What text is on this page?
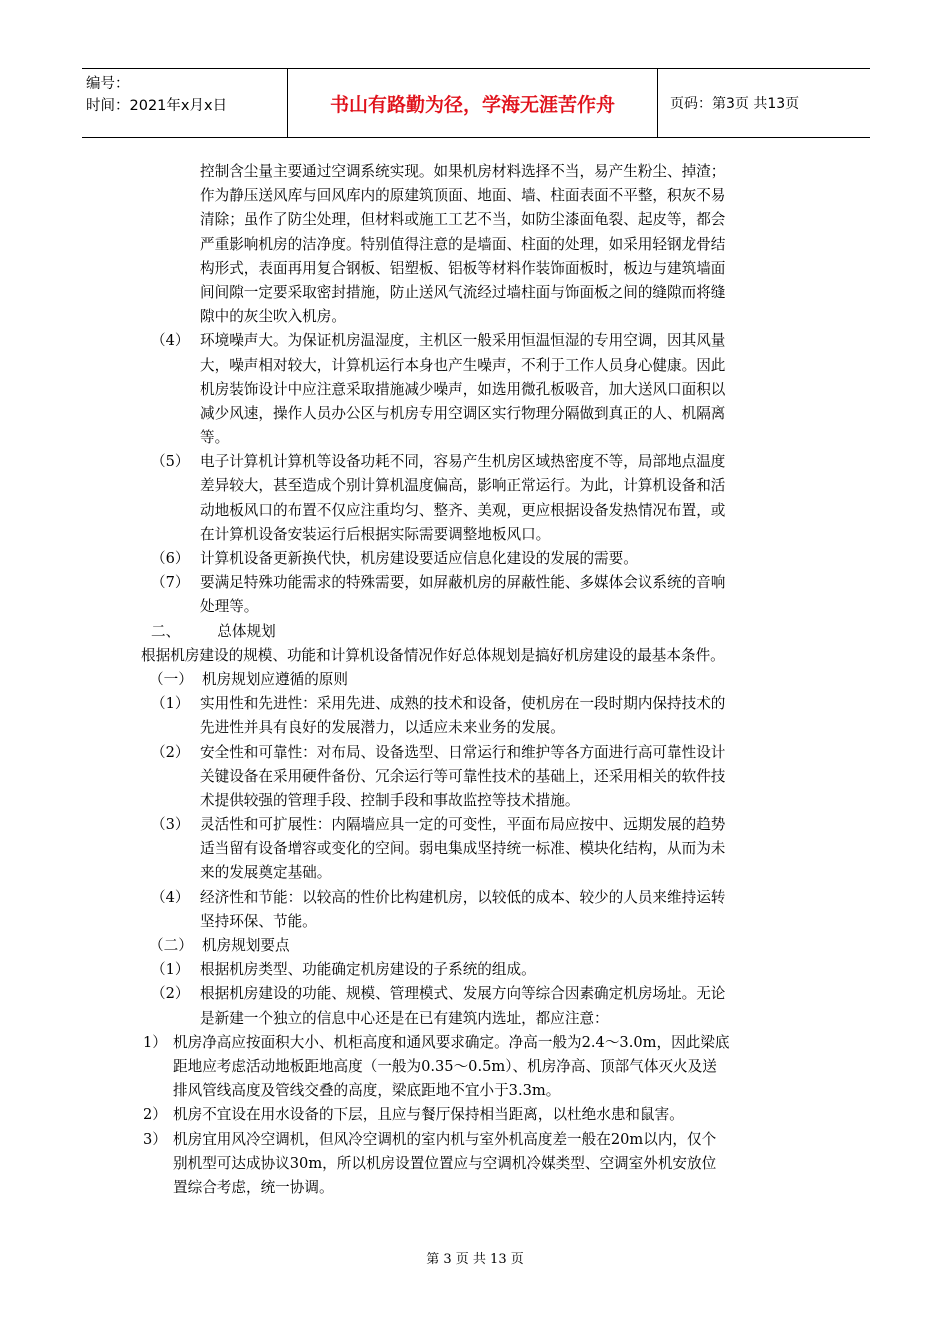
编号：
时间：2021年x月x日	书山有路勤为径，学海无涯苦作舟	页码：第3页 共13页
控制含尘量主要通过空调系统实现。如果机房材料选择不当，易产生粉尘、掉渣；
作为静压送风库与回风库内的原建筑顶面、地面、墙、柱面表面不平整，积灰不易
清除；虽作了防尘处理，但材料或施工工艺不当，如防尘漆面龟裂、起皮等，都会
严重影响机房的洁净度。特别值得注意的是墙面、柱面的处理，如采用轻钢龙骨结
构形式，表面再用复合钢板、铝塑板、铝板等材料作装饰面板时，板边与建筑墙面
间间隙一定要采取密封措施，防止送风气流经过墙柱面与饰面板之间的缝隙而将缝
隙中的灰尘吹入机房。
（4） 环境噪声大。为保证机房温湿度，主机区一般采用恒温恒湿的专用空调，因其风量
大，噪声相对较大，计算机运行本身也产生噪声，不利于工作人员身心健康。因此
机房装饰设计中应注意采取措施减少噪声，如选用微孔板吸音，加大送风口面积以
减少风速，操作人员办公区与机房专用空调区实行物理分隔做到真正的人、机隔离
等。
（5） 电子计算机计算机等设备功耗不同，容易产生机房区域热密度不等，局部地点温度
差异较大，甚至造成个别计算机温度偏高，影响正常运行。为此，计算机设备和活
动地板风口的布置不仅应注重均匀、整齐、美观，更应根据设备发热情况布置，或
在计算机设备安装运行后根据实际需要调整地板风口。
（6） 计算机设备更新换代快，机房建设要适应信息化建设的发展的需要。
（7） 要满足特殊功能需求的特殊需要，如屏蔽机房的屏蔽性能、多媒体会议系统的音响
处理等。
二、        总体规划
根据机房建设的规模、功能和计算机设备情况作好总体规划是搞好机房建设的最基本条件。
（一）  机房规划应遵循的原则
（1） 实用性和先进性：采用先进、成熟的技术和设备，使机房在一段时期内保持技术的
先进性并具有良好的发展潜力，以适应未来业务的发展。
（2） 安全性和可靠性：对布局、设备选型、日常运行和维护等各方面进行高可靠性设计
关键设备在采用硬件备份、冗余运行等可靠性技术的基础上，还采用相关的软件技
术提供较强的管理手段、控制手段和事故监控等技术措施。
（3） 灵活性和可扩展性：内隔墙应具一定的可变性，平面布局应按中、远期发展的趋势
适当留有设备增容或变化的空间。弱电集成坚持统一标准、模块化结构，从而为未
来的发展奠定基础。
（4） 经济性和节能：以较高的性价比构建机房，以较低的成本、较少的人员来维持运转
坚持环保、节能。
（二）  机房规划要点
（1） 根据机房类型、功能确定机房建设的子系统的组成。
（2） 根据机房建设的功能、规模、管理模式、发展方向等综合因素确定机房场址。无论
是新建一个独立的信息中心还是在已有建筑内选址，都应注意：
1） 机房净高应按面积大小、机柜高度和通风要求确定。净高一般为2.4～3.0m，因此梁底
距地应考虑活动地板距地高度（一般为0.35～0.5m）、机房净高、顶部气体灭火及送
排风管线高度及管线交叠的高度，梁底距地不宜小于3.3m。
2） 机房不宜设在用水设备的下层，且应与餐厅保持相当距离，以杜绝水患和鼠害。
3） 机房宜用风冷空调机，但风冷空调机的室内机与室外机高度差一般在20m以内，仅个
别机型可达成协议30m，所以机房设置位置应与空调机冷媒类型、空调室外机安放位
置综合考虑，统一协调。
第 3 页 共 13 页
